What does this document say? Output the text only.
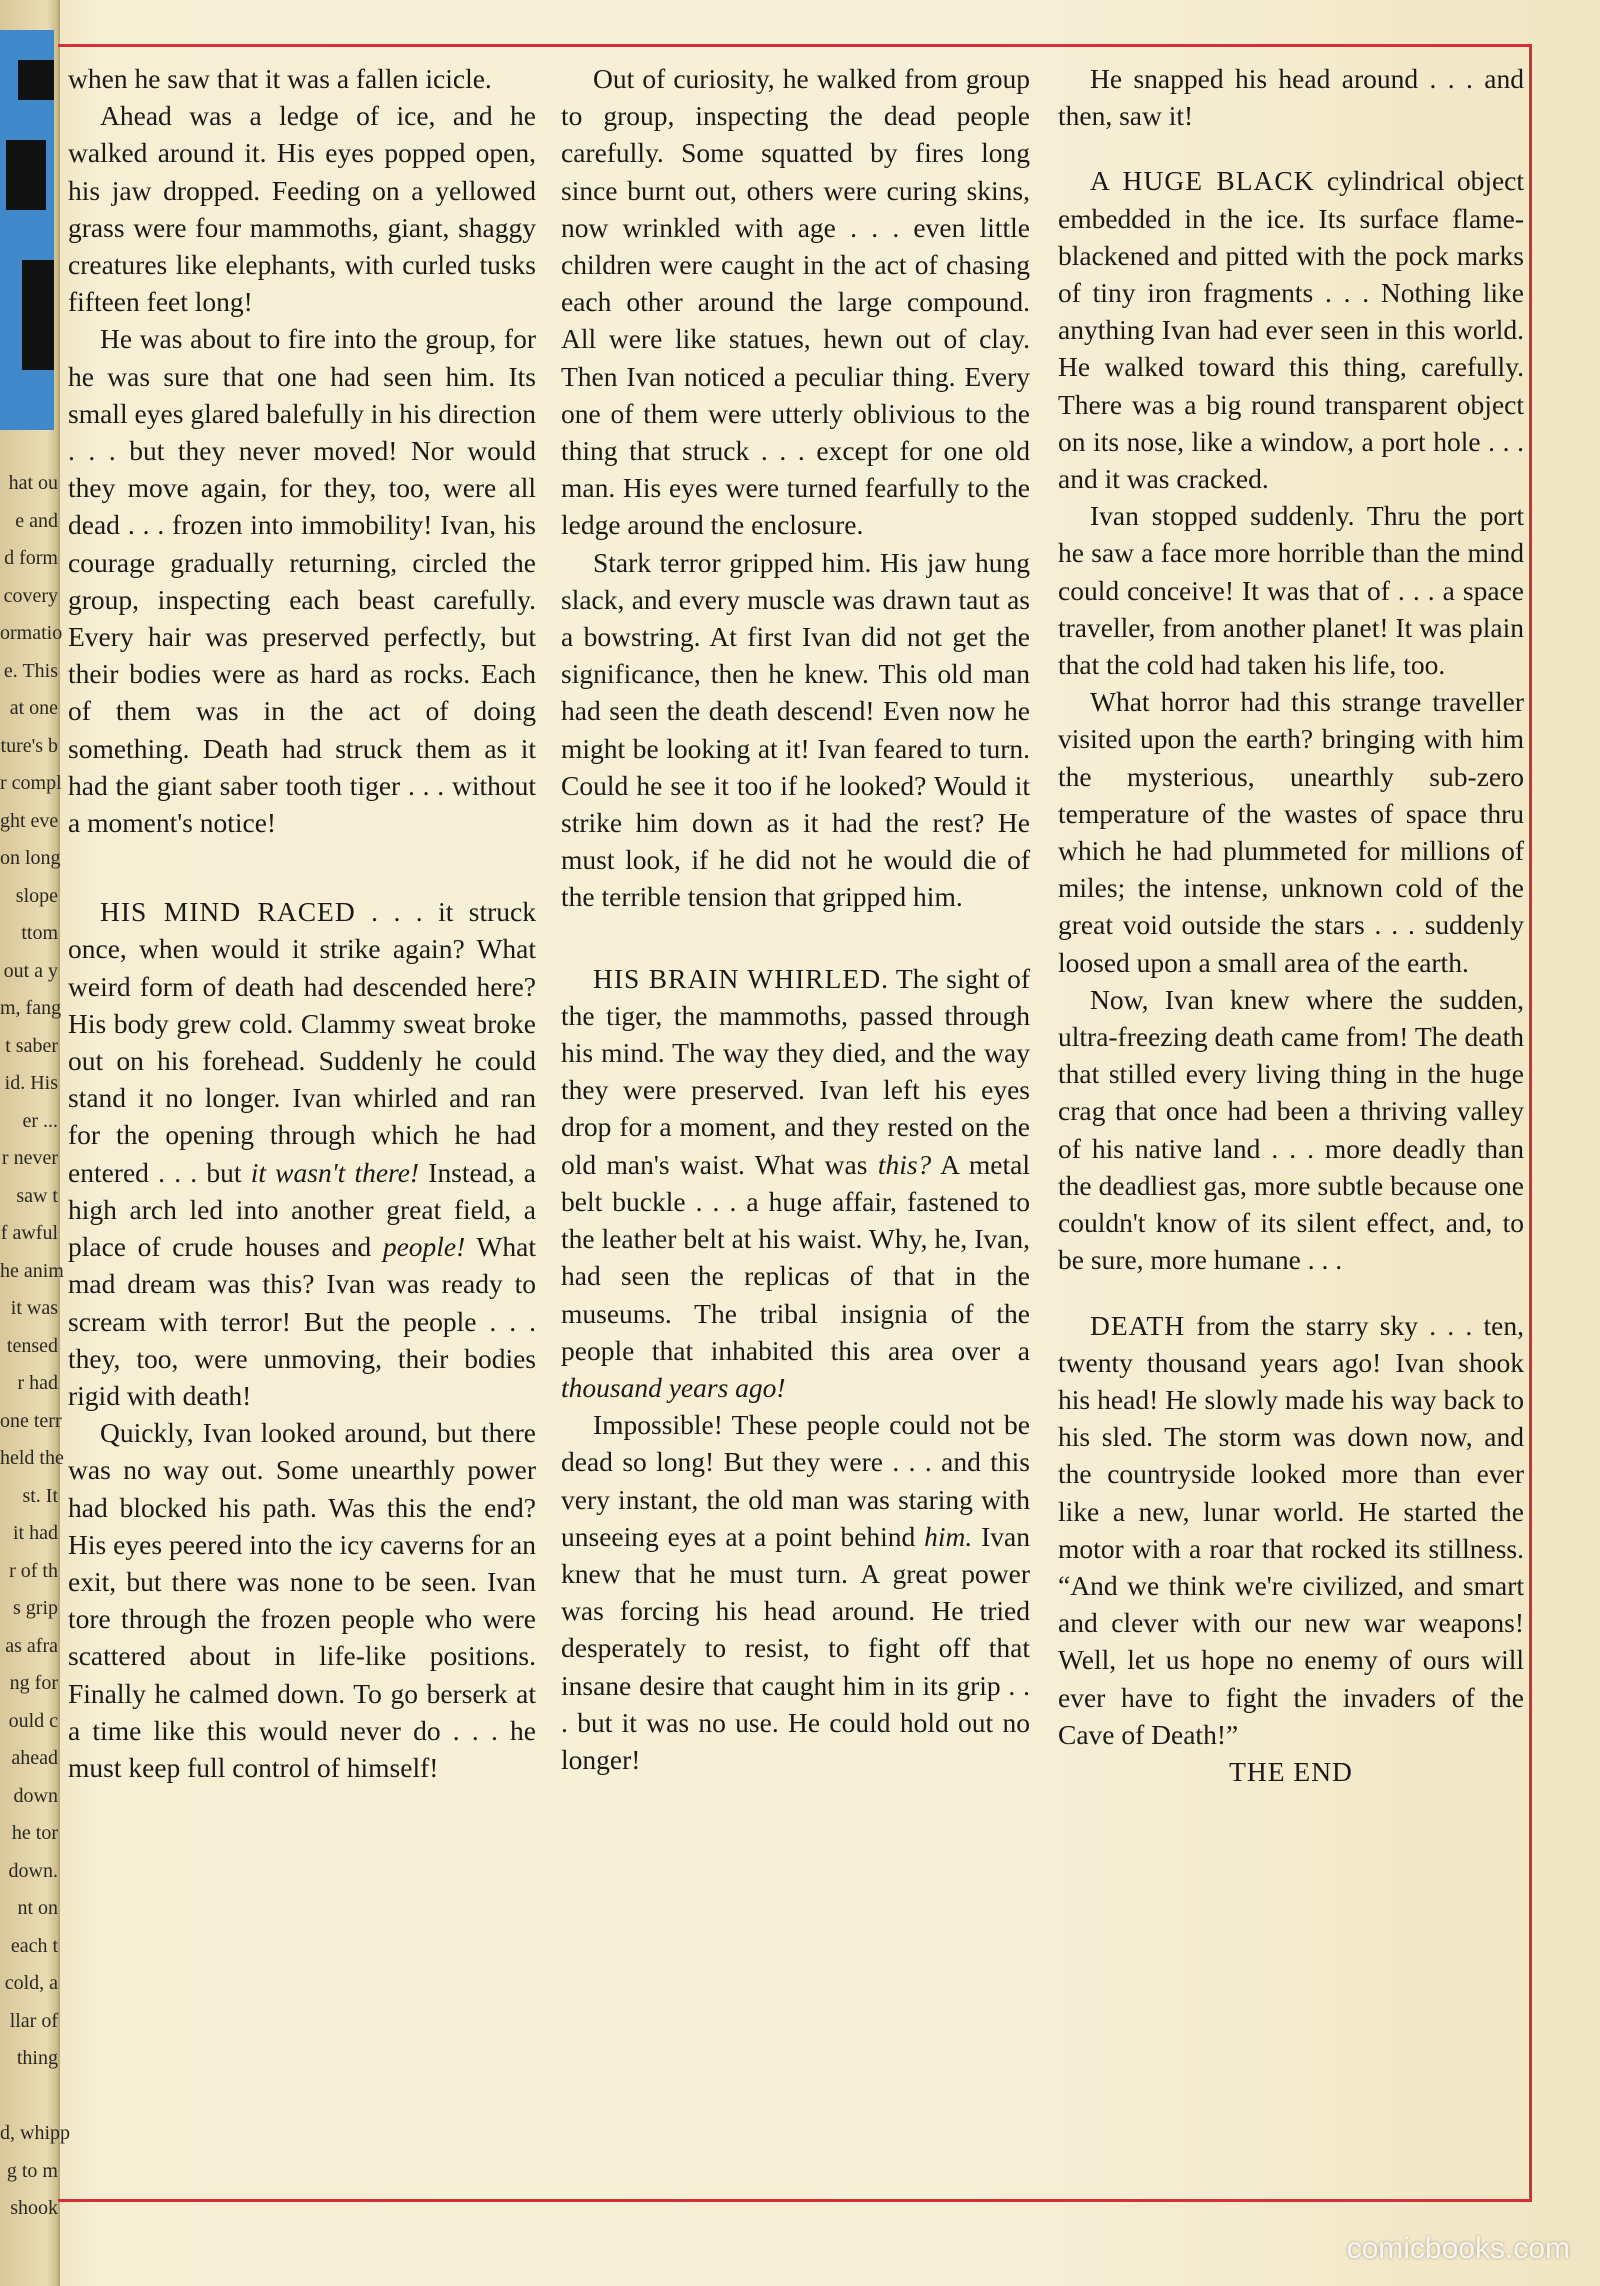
hat ou
e and
d form
covery
ormatio
e. This
at one
ture's b
r compl
ght eve
on long
slope
ttom
out a y
m, fang
t saber
id. His
er ...
r never
saw t
f awful
he anim
it was
tensed
r had
one terr
held the
st. It
it had
r of th
s grip
as afra
ng for
ould c
ahead
down
he tor
down.
nt on
each t
cold, a
llar of
thing
d, whipp
g to m
shook

when he saw that it was a fallen icicle.

Ahead was a ledge of ice, and he walked around it. His eyes popped open, his jaw dropped. Feeding on a yellowed grass were four mammoths, giant, shaggy creatures like elephants, with curled tusks fifteen feet long!

He was about to fire into the group, for he was sure that one had seen him. Its small eyes glared balefully in his direction . . . but they never moved! Nor would they move again, for they, too, were all dead . . . frozen into immobility! Ivan, his courage gradually returning, circled the group, inspecting each beast carefully. Every hair was preserved perfectly, but their bodies were as hard as rocks. Each of them was in the act of doing something. Death had struck them as it had the giant saber tooth tiger . . . without a moment's notice!

HIS MIND RACED . . . it struck once, when would it strike again? What weird form of death had descended here? His body grew cold. Clammy sweat broke out on his forehead. Suddenly he could stand it no longer. Ivan whirled and ran for the opening through which he had entered . . . but it wasn't there! Instead, a high arch led into another great field, a place of crude houses and people! What mad dream was this? Ivan was ready to scream with terror! But the people . . . they, too, were unmoving, their bodies rigid with death!

Quickly, Ivan looked around, but there was no way out. Some unearthly power had blocked his path. Was this the end? His eyes peered into the icy caverns for an exit, but there was none to be seen. Ivan tore through the frozen people who were scattered about in life-like positions. Finally he calmed down. To go berserk at a time like this would never do . . . he must keep full control of himself!

Out of curiosity, he walked from group to group, inspecting the dead people carefully. Some squatted by fires long since burnt out, others were curing skins, now wrinkled with age . . . even little children were caught in the act of chasing each other around the large compound. All were like statues, hewn out of clay. Then Ivan noticed a peculiar thing. Every one of them were utterly oblivious to the thing that struck . . . except for one old man. His eyes were turned fearfully to the ledge around the enclosure.

Stark terror gripped him. His jaw hung slack, and every muscle was drawn taut as a bowstring. At first Ivan did not get the significance, then he knew. This old man had seen the death descend! Even now he might be looking at it! Ivan feared to turn. Could he see it too if he looked? Would it strike him down as it had the rest? He must look, if he did not he would die of the terrible tension that gripped him.

HIS BRAIN WHIRLED. The sight of the tiger, the mammoths, passed through his mind. The way they died, and the way they were preserved. Ivan left his eyes drop for a moment, and they rested on the old man's waist. What was this? A metal belt buckle . . . a huge affair, fastened to the leather belt at his waist. Why, he, Ivan, had seen the replicas of that in the museums. The tribal insignia of the people that inhabited this area over a thousand years ago!

Impossible! These people could not be dead so long! But they were . . . and this very instant, the old man was staring with unseeing eyes at a point behind him. Ivan knew that he must turn. A great power was forcing his head around. He tried desperately to resist, to fight off that insane desire that caught him in its grip . . . but it was no use. He could hold out no longer!

He snapped his head around . . . and then, saw it!

A HUGE BLACK cylindrical object embedded in the ice. Its surface flame-blackened and pitted with the pock marks of tiny iron fragments . . . Nothing like anything Ivan had ever seen in this world. He walked toward this thing, carefully. There was a big round transparent object on its nose, like a window, a port hole . . . and it was cracked.

Ivan stopped suddenly. Thru the port he saw a face more horrible than the mind could conceive! It was that of . . . a space traveller, from another planet! It was plain that the cold had taken his life, too.

What horror had this strange traveller visited upon the earth? bringing with him the mysterious, unearthly sub-zero temperature of the wastes of space thru which he had plummeted for millions of miles; the intense, unknown cold of the great void outside the stars . . . suddenly loosed upon a small area of the earth.

Now, Ivan knew where the sudden, ultra-freezing death came from! The death that stilled every living thing in the huge crag that once had been a thriving valley of his native land . . . more deadly than the deadliest gas, more subtle because one couldn't know of its silent effect, and, to be sure, more humane . . .

DEATH from the starry sky . . . ten, twenty thousand years ago! Ivan shook his head! He slowly made his way back to his sled. The storm was down now, and the countryside looked more than ever like a new, lunar world. He started the motor with a roar that rocked its stillness. “And we think we're civilized, and smart and clever with our new war weapons! Well, let us hope no enemy of ours will ever have to fight the invaders of the Cave of Death!”

THE END

comicbooks.com
